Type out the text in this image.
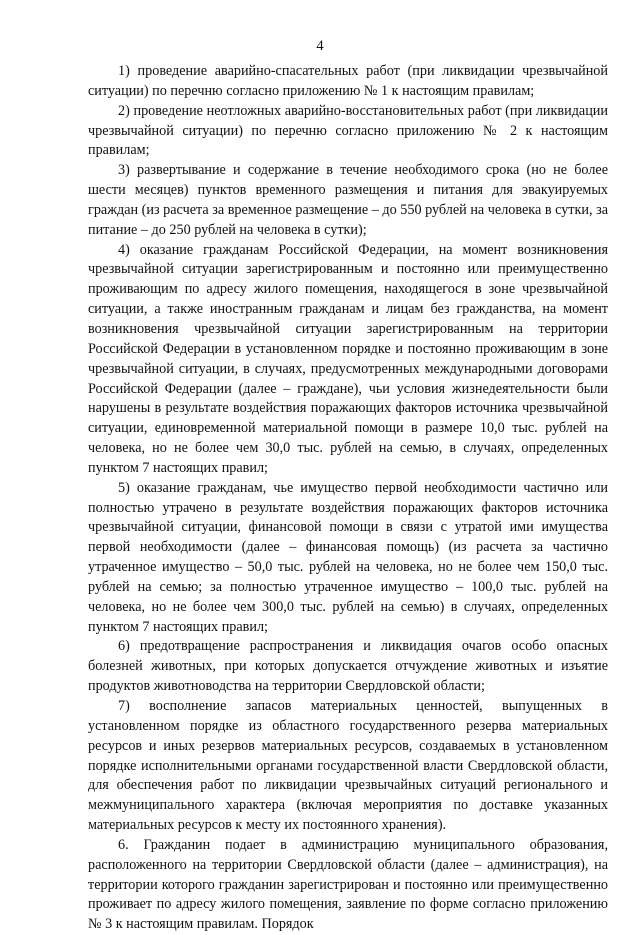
4

1) проведение аварийно-спасательных работ (при ликвидации чрезвычайной ситуации) по перечню согласно приложению № 1 к настоящим правилам;

2) проведение неотложных аварийно-восстановительных работ (при ликвидации чрезвычайной ситуации) по перечню согласно приложению № 2 к настоящим правилам;

3) развертывание и содержание в течение необходимого срока (но не более шести месяцев) пунктов временного размещения и питания для эвакуируемых граждан (из расчета за временное размещение – до 550 рублей на человека в сутки, за питание – до 250 рублей на человека в сутки);

4) оказание гражданам Российской Федерации, на момент возникновения чрезвычайной ситуации зарегистрированным и постоянно или преимущественно проживающим по адресу жилого помещения, находящегося в зоне чрезвычайной ситуации, а также иностранным гражданам и лицам без гражданства, на момент возникновения чрезвычайной ситуации зарегистрированным на территории Российской Федерации в установленном порядке и постоянно проживающим в зоне чрезвычайной ситуации, в случаях, предусмотренных международными договорами Российской Федерации (далее – граждане), чьи условия жизнедеятельности были нарушены в результате воздействия поражающих факторов источника чрезвычайной ситуации, единовременной материальной помощи в размере 10,0 тыс. рублей на человека, но не более чем 30,0 тыс. рублей на семью, в случаях, определенных пунктом 7 настоящих правил;

5) оказание гражданам, чье имущество первой необходимости частично или полностью утрачено в результате воздействия поражающих факторов источника чрезвычайной ситуации, финансовой помощи в связи с утратой ими имущества первой необходимости (далее – финансовая помощь) (из расчета за частично утраченное имущество – 50,0 тыс. рублей на человека, но не более чем 150,0 тыс. рублей на семью; за полностью утраченное имущество – 100,0 тыс. рублей на человека, но не более чем 300,0 тыс. рублей на семью) в случаях, определенных пунктом 7 настоящих правил;

6) предотвращение распространения и ликвидация очагов особо опасных болезней животных, при которых допускается отчуждение животных и изъятие продуктов животноводства на территории Свердловской области;

7) восполнение запасов материальных ценностей, выпущенных в установленном порядке из областного государственного резерва материальных ресурсов и иных резервов материальных ресурсов, создаваемых в установленном порядке исполнительными органами государственной власти Свердловской области, для обеспечения работ по ликвидации чрезвычайных ситуаций регионального и межмуниципального характера (включая мероприятия по доставке указанных материальных ресурсов к месту их постоянного хранения).

6. Гражданин подает в администрацию муниципального образования, расположенного на территории Свердловской области (далее – администрация), на территории которого гражданин зарегистрирован и постоянно или преимущественно проживает по адресу жилого помещения, заявление по форме согласно приложению № 3 к настоящим правилам. Порядок
